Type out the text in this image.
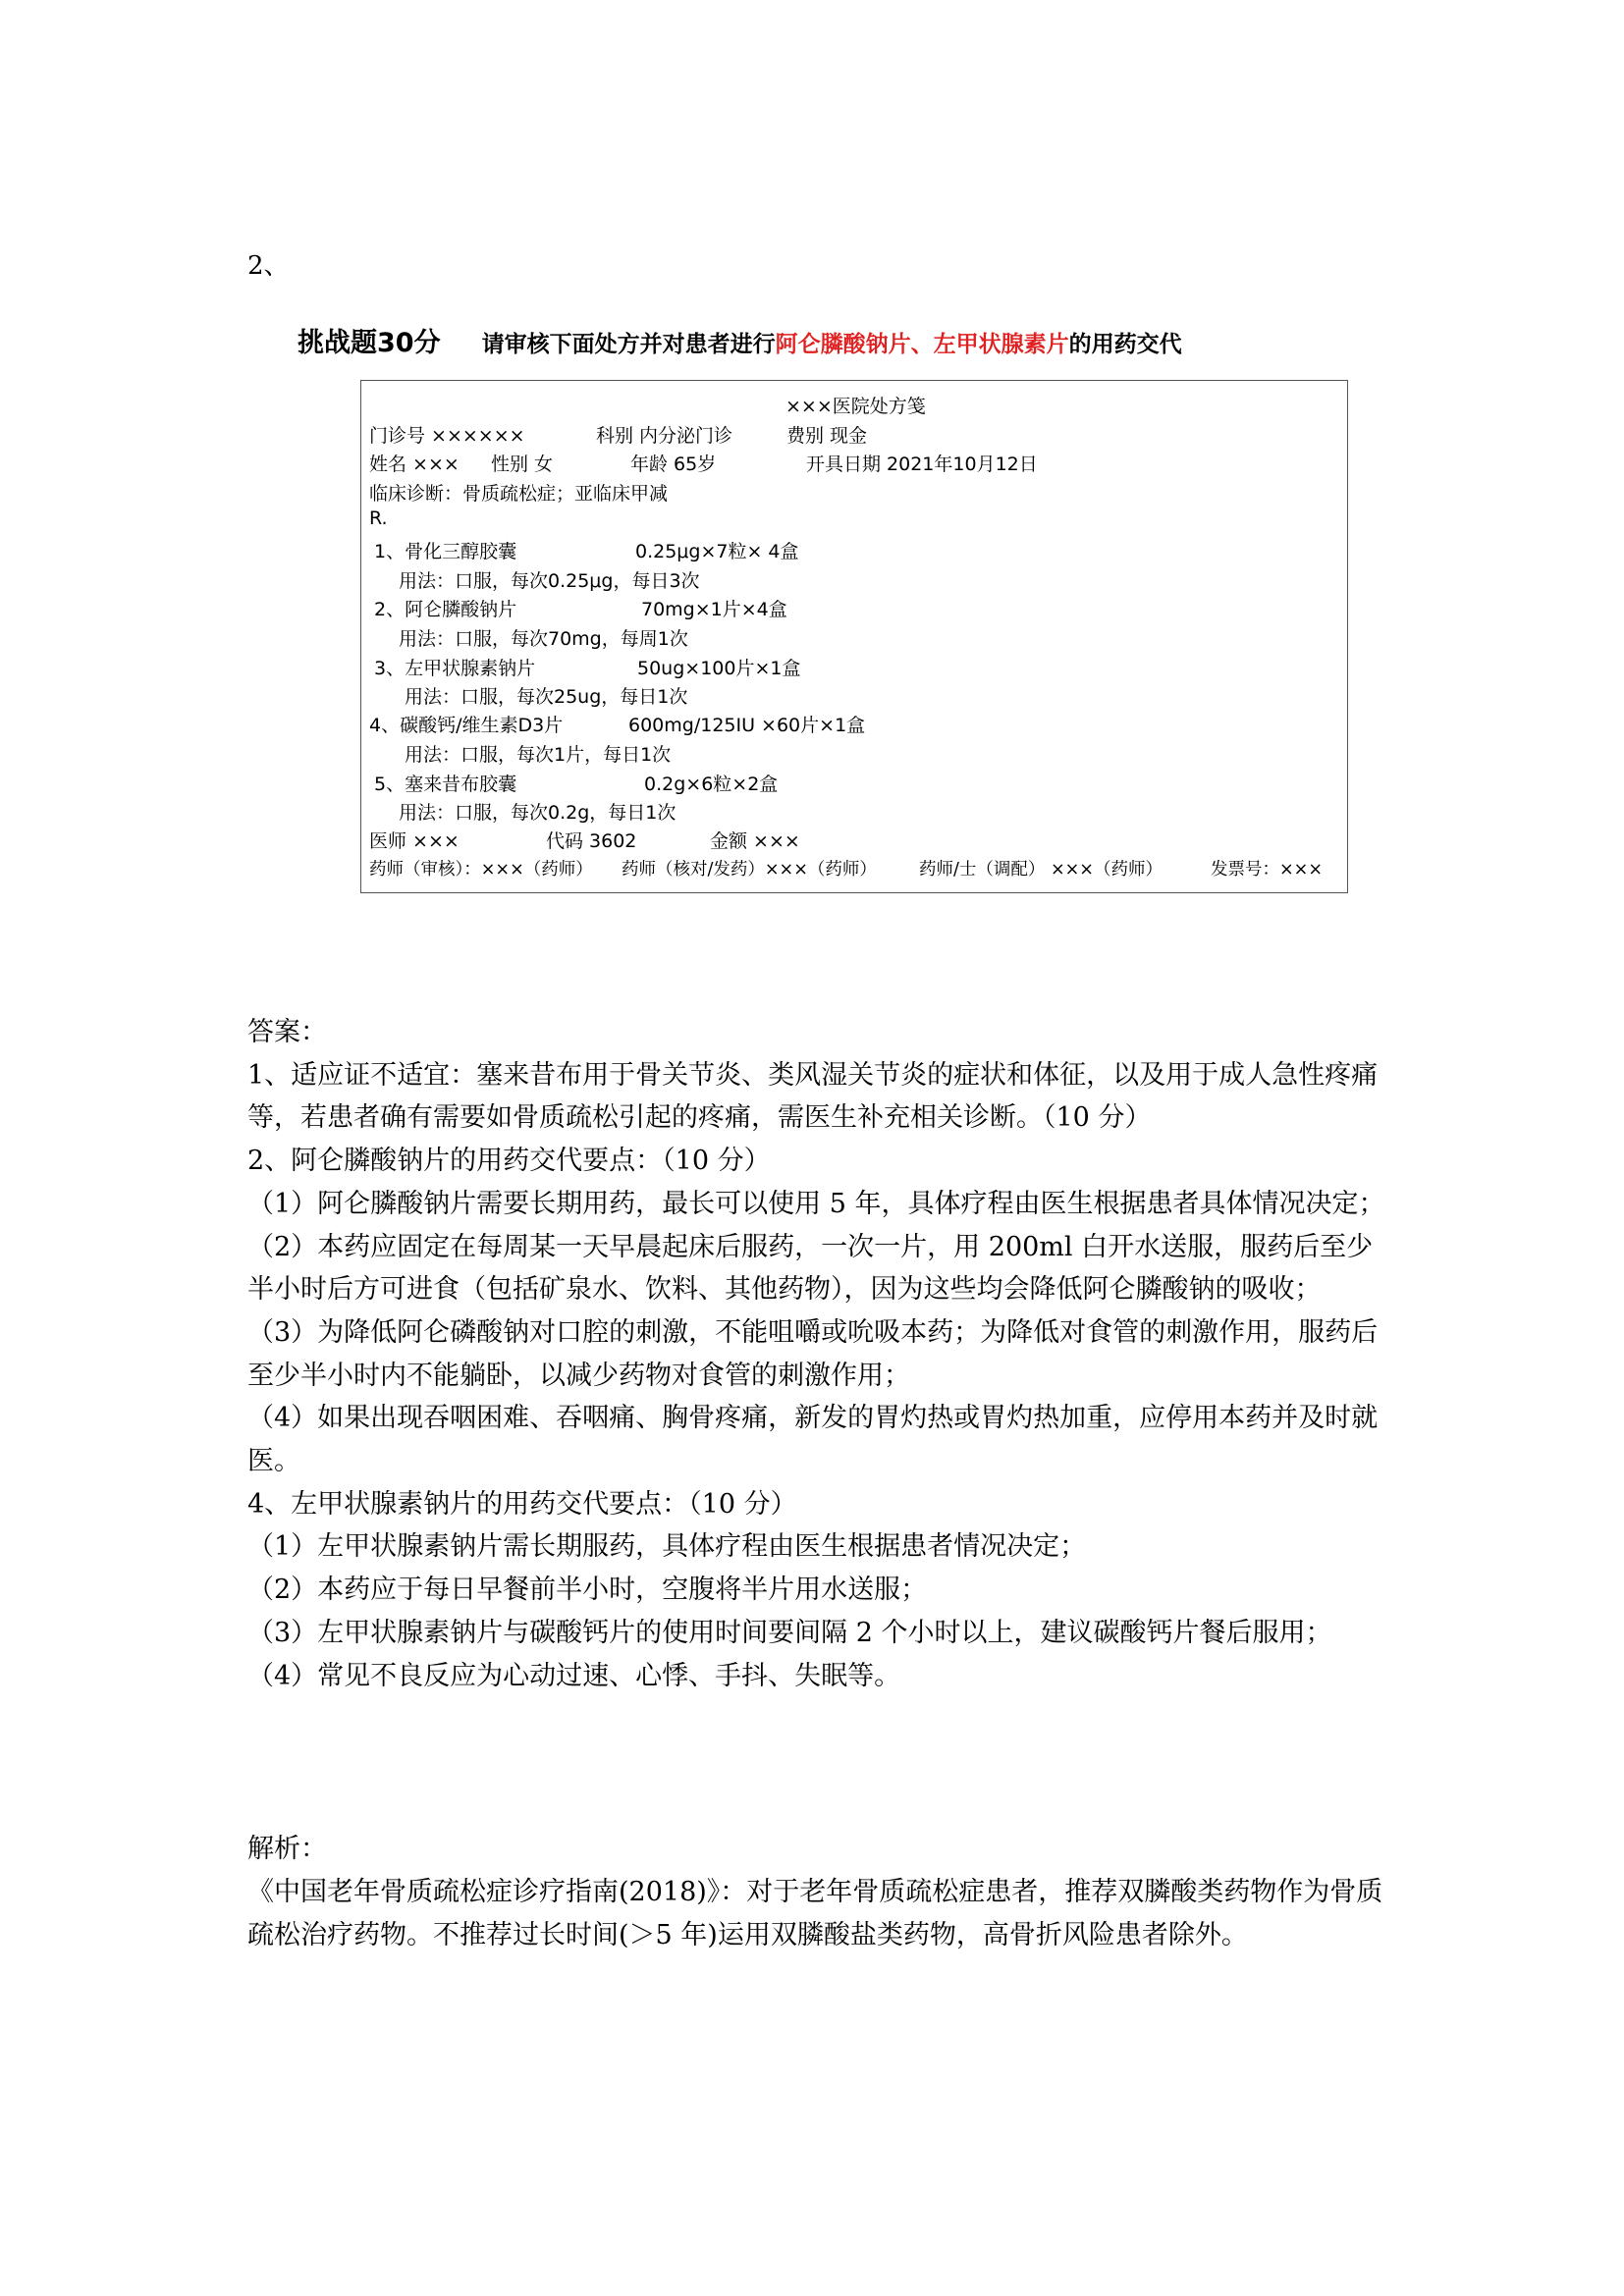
2、
挑战题30分 请审核下面处方并对患者进行阿仑膦酸钠片、左甲状腺素片的用药交代
×××医院处方笺
门诊号 ××××××	科别 内分泌门诊	费别 现金
姓名 ××× 性别 女	年龄 65岁	开具日期 2021年10月12日
临床诊断：骨质疏松症；亚临床甲减
R.
1、骨化三醇胶囊	0.25μg×7粒× 4盒
用法：口服，每次0.25μg，每日3次
2、阿仑膦酸钠片	70mg×1片×4盒
用法：口服，每次70mg，每周1次
3、左甲状腺素钠片	50ug×100片×1盒
用法：口服，每次25ug，每日1次
4、碳酸钙/维生素D3片	600mg/125IU ×60片×1盒
用法：口服，每次1片，每日1次
5、塞来昔布胶囊	0.2g×6粒×2盒
用法：口服，每次0.2g，每日1次
医师 ×××	代码 3602	金额 ×××
药师（审核）：×××（药师） 药师（核对/发药）×××（药师） 药师/士（调配） ×××（药师）	发票号：×××

答案：

1、适应证不适宜：塞来昔布用于骨关节炎、类风湿关节炎的症状和体征，以及用于成人急性疼痛等，若患者确有需要如骨质疏松引起的疼痛，需医生补充相关诊断。（10 分）

2、阿仑膦酸钠片的用药交代要点：（10 分）

（1）阿仑膦酸钠片需要长期用药，最长可以使用 5 年，具体疗程由医生根据患者具体情况决定；

（2）本药应固定在每周某一天早晨起床后服药，一次一片，用 200ml 白开水送服，服药后至少半小时后方可进食（包括矿泉水、饮料、其他药物），因为这些均会降低阿仑膦酸钠的吸收；

（3）为降低阿仑磷酸钠对口腔的刺激，不能咀嚼或吮吸本药；为降低对食管的刺激作用，服药后至少半小时内不能躺卧，以减少药物对食管的刺激作用；

（4）如果出现吞咽困难、吞咽痛、胸骨疼痛，新发的胃灼热或胃灼热加重，应停用本药并及时就医。

4、左甲状腺素钠片的用药交代要点：（10 分）

（1）左甲状腺素钠片需长期服药，具体疗程由医生根据患者情况决定；

（2）本药应于每日早餐前半小时，空腹将半片用水送服；

（3）左甲状腺素钠片与碳酸钙片的使用时间要间隔 2 个小时以上，建议碳酸钙片餐后服用；

（4）常见不良反应为心动过速、心悸、手抖、失眠等。

解析：

《中国老年骨质疏松症诊疗指南(2018)》：对于老年骨质疏松症患者，推荐双膦酸类药物作为骨质疏松治疗药物。不推荐过长时间(＞5 年)运用双膦酸盐类药物，高骨折风险患者除外。
